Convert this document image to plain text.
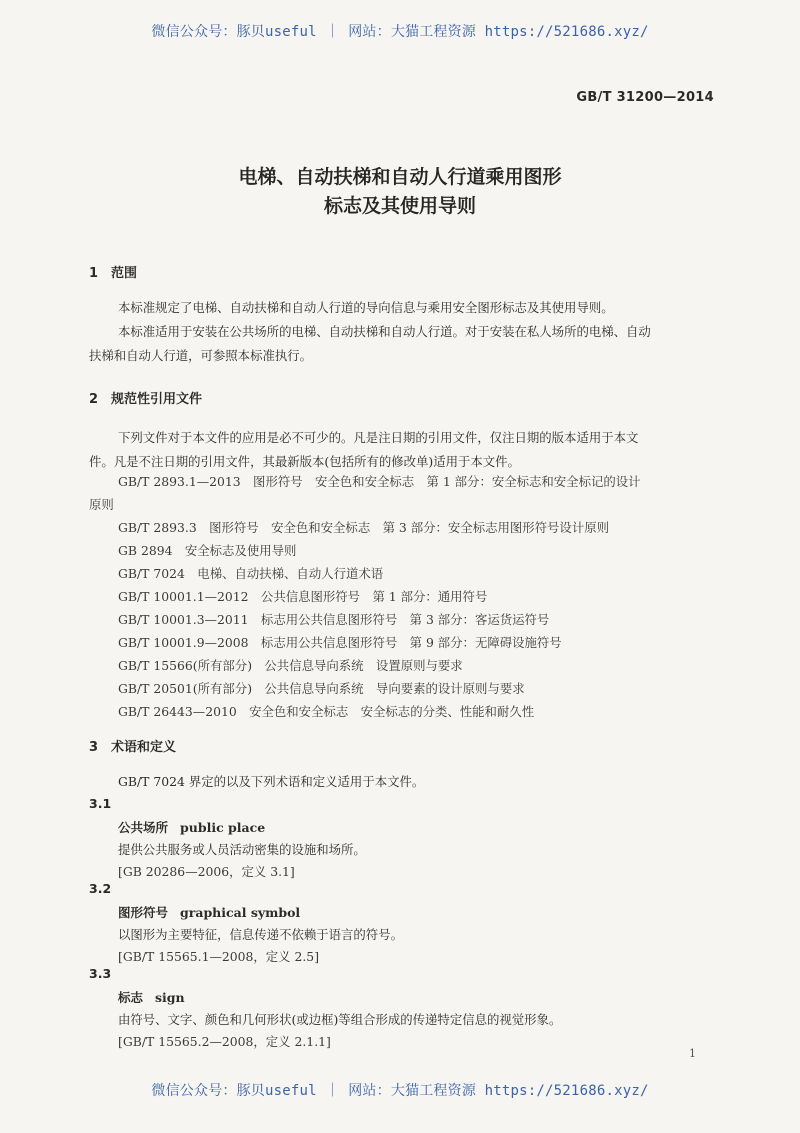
微信公众号：豚贝useful ｜ 网站：大猫工程资源 https://521686.xyz/
GB/T 31200—2014
电梯、自动扶梯和自动人行道乘用图形
标志及其使用导则
1 范围
本标准规定了电梯、自动扶梯和自动人行道的导向信息与乘用安全图形标志及其使用导则。
本标准适用于安装在公共场所的电梯、自动扶梯和自动人行道。对于安装在私人场所的电梯、自动
扶梯和自动人行道，可参照本标准执行。
2 规范性引用文件
下列文件对于本文件的应用是必不可少的。凡是注日期的引用文件，仅注日期的版本适用于本文
件。凡是不注日期的引用文件，其最新版本(包括所有的修改单)适用于本文件。
GB/T 2893.1—2013　图形符号　安全色和安全标志　第 1 部分：安全标志和安全标记的设计
原则
GB/T 2893.3　图形符号　安全色和安全标志　第 3 部分：安全标志用图形符号设计原则
GB 2894　安全标志及使用导则
GB/T 7024　电梯、自动扶梯、自动人行道术语
GB/T 10001.1—2012　公共信息图形符号　第 1 部分：通用符号
GB/T 10001.3—2011　标志用公共信息图形符号　第 3 部分：客运货运符号
GB/T 10001.9—2008　标志用公共信息图形符号　第 9 部分：无障碍设施符号
GB/T 15566(所有部分)　公共信息导向系统　设置原则与要求
GB/T 20501(所有部分)　公共信息导向系统　导向要素的设计原则与要求
GB/T 26443—2010　安全色和安全标志　安全标志的分类、性能和耐久性
3 术语和定义
GB/T 7024 界定的以及下列术语和定义适用于本文件。
3.1
公共场所 public place
提供公共服务或人员活动密集的设施和场所。
[GB 20286—2006，定义 3.1]
3.2
图形符号 graphical symbol
以图形为主要特征，信息传递不依赖于语言的符号。
[GB/T 15565.1—2008，定义 2.5]
3.3
标志 sign
由符号、文字、颜色和几何形状(或边框)等组合形成的传递特定信息的视觉形象。
[GB/T 15565.2—2008，定义 2.1.1]
1
微信公众号：豚贝useful ｜ 网站：大猫工程资源 https://521686.xyz/
